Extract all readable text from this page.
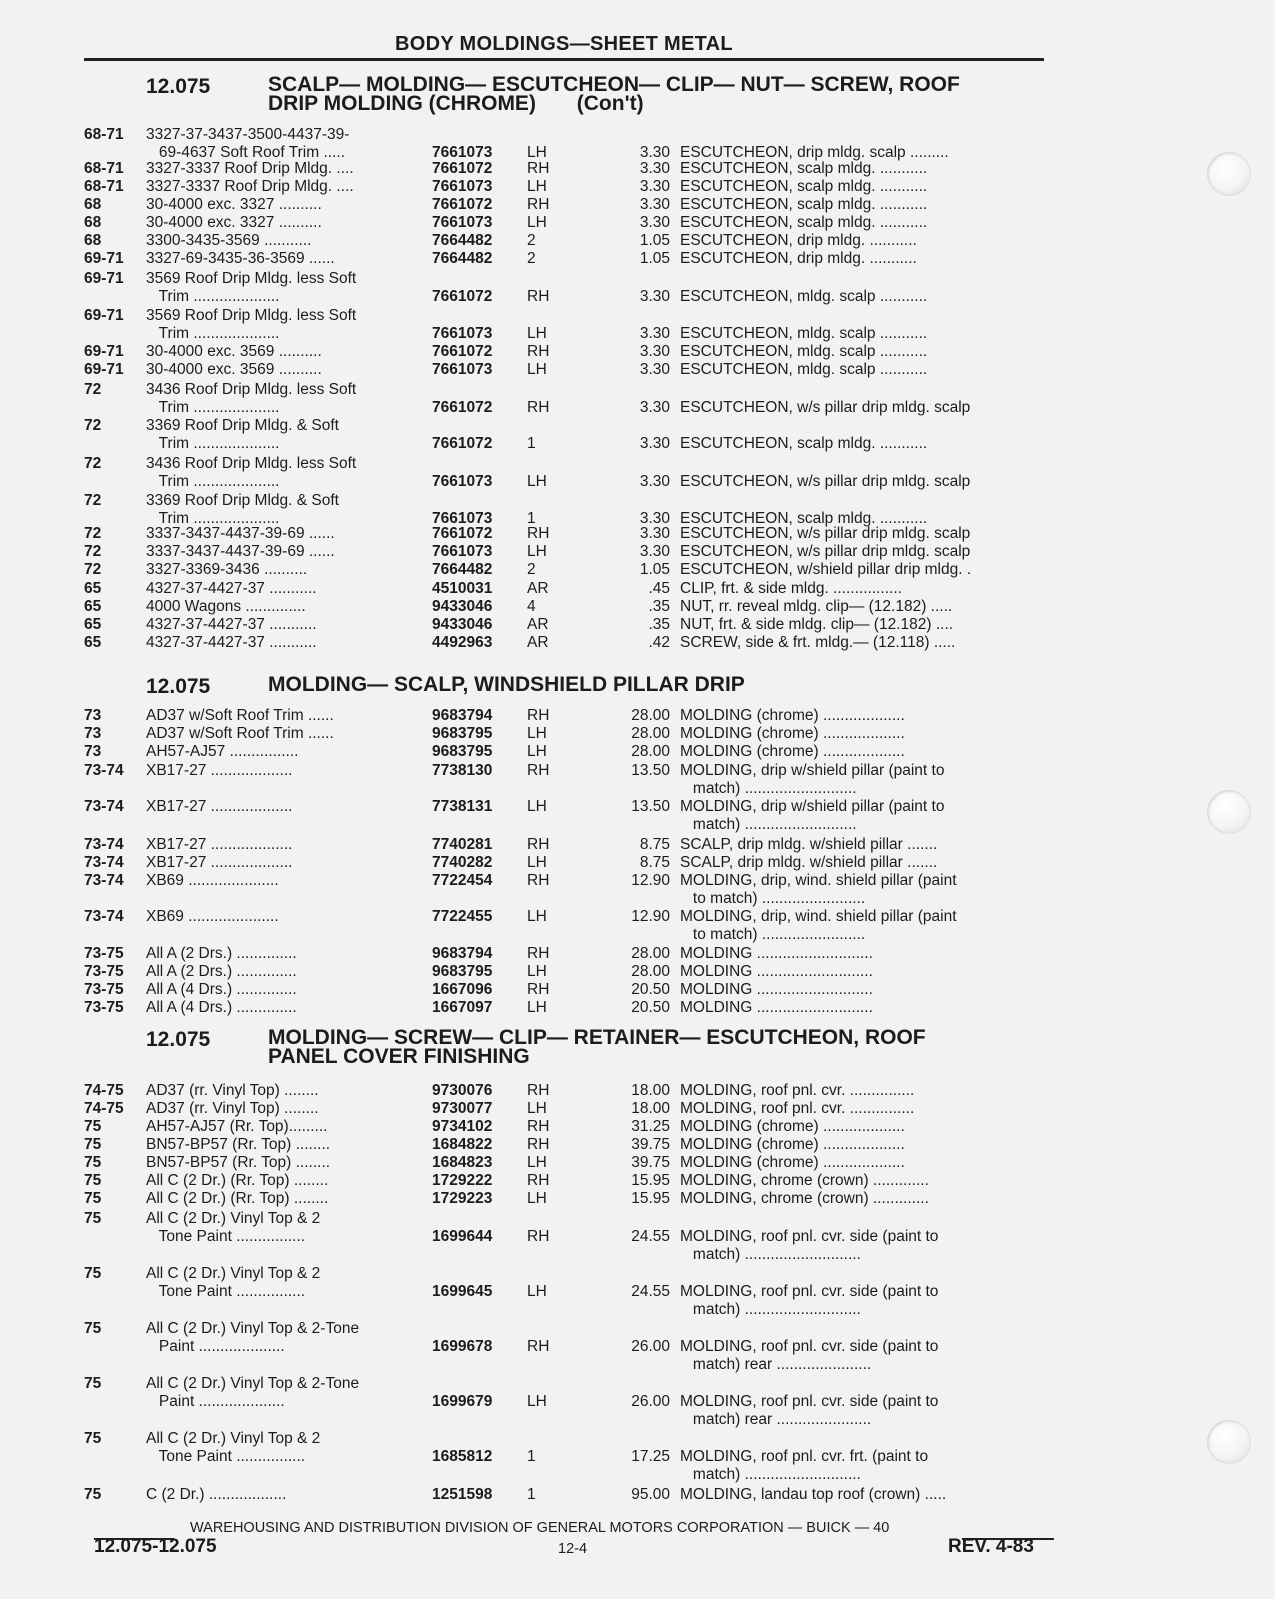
BODY MOLDINGS—SHEET METAL
12.075	SCALP— MOLDING— ESCUTCHEON— CLIP— NUT— SCREW, ROOF
DRIP MOLDING (CHROME)       (Con't)
68-71 3327-37-3437-3500-4437-39-
69-4637 Soft Roof Trim .....	7661073 LH	3.30 ESCUTCHEON, drip mldg. scalp .........
68-71 3327-3337 Roof Drip Mldg. ....	7661072 RH	3.30 ESCUTCHEON, scalp mldg. ...........
68-71 3327-3337 Roof Drip Mldg. ....	7661073 LH	3.30 ESCUTCHEON, scalp mldg. ...........
68	30-4000 exc. 3327 ..........	7661072 RH	3.30 ESCUTCHEON, scalp mldg. ...........
68	30-4000 exc. 3327 ..........	7661073 LH	3.30 ESCUTCHEON, scalp mldg. ...........
68	3300-3435-3569 ...........	7664482 2	1.05 ESCUTCHEON, drip mldg. ...........
69-71 3327-69-3435-36-3569 ......	7664482 2	1.05 ESCUTCHEON, drip mldg. ...........
69-71 3569 Roof Drip Mldg. less Soft
Trim ....................	7661072 RH	3.30 ESCUTCHEON, mldg. scalp ...........
69-71 3569 Roof Drip Mldg. less Soft
Trim ....................	7661073 LH	3.30 ESCUTCHEON, mldg. scalp ...........
69-71 30-4000 exc. 3569 ..........	7661072 RH	3.30 ESCUTCHEON, mldg. scalp ...........
69-71 30-4000 exc. 3569 ..........	7661073 LH	3.30 ESCUTCHEON, mldg. scalp ...........
72	3436 Roof Drip Mldg. less Soft
Trim ....................	7661072 RH	3.30 ESCUTCHEON, w/s pillar drip mldg. scalp
72	3369 Roof Drip Mldg. & Soft
Trim ....................	7661072 1	3.30 ESCUTCHEON, scalp mldg. ...........
72	3436 Roof Drip Mldg. less Soft
Trim ....................	7661073 LH	3.30 ESCUTCHEON, w/s pillar drip mldg. scalp
72	3369 Roof Drip Mldg. & Soft
Trim ....................	7661073 1	3.30 ESCUTCHEON, scalp mldg. ...........
72	3337-3437-4437-39-69 ......	7661072 RH	3.30 ESCUTCHEON, w/s pillar drip mldg. scalp
72	3337-3437-4437-39-69 ......	7661073 LH	3.30 ESCUTCHEON, w/s pillar drip mldg. scalp
72	3327-3369-3436 ..........	7664482 2	1.05 ESCUTCHEON, w/shield pillar drip mldg. .
65	4327-37-4427-37 ...........	4510031 AR	.45 CLIP, frt. & side mldg. ................
65	4000 Wagons ..............	9433046 4	.35 NUT, rr. reveal mldg. clip— (12.182) .....
65	4327-37-4427-37 ...........	9433046 AR	.35 NUT, frt. & side mldg. clip— (12.182) ....
65	4327-37-4427-37 ...........	4492963 AR	.42 SCREW, side & frt. mldg.— (12.118) .....
12.075	MOLDING— SCALP, WINDSHIELD PILLAR DRIP
73	AD37 w/Soft Roof Trim ......	9683794 RH	28.00 MOLDING (chrome) ...................
73	AD37 w/Soft Roof Trim ......	9683795 LH	28.00 MOLDING (chrome) ...................
73	AH57-AJ57 ................	9683795 LH	28.00 MOLDING (chrome) ...................
73-74 XB17-27 ...................	7738130 RH	13.50 MOLDING, drip w/shield pillar (paint to
match) ..........................
73-74 XB17-27 ...................	7738131 LH	13.50 MOLDING, drip w/shield pillar (paint to
match) ..........................
73-74 XB17-27 ...................	7740281 RH	8.75 SCALP, drip mldg. w/shield pillar .......
73-74 XB17-27 ...................	7740282 LH	8.75 SCALP, drip mldg. w/shield pillar .......
73-74 XB69 .....................	7722454 RH	12.90 MOLDING, drip, wind. shield pillar (paint
to match) ........................
73-74 XB69 .....................	7722455 LH	12.90 MOLDING, drip, wind. shield pillar (paint
to match) ........................
73-75 All A (2 Drs.) ..............	9683794 RH	28.00 MOLDING ...........................
73-75 All A (2 Drs.) ..............	9683795 LH	28.00 MOLDING ...........................
73-75 All A (4 Drs.) ..............	1667096 RH	20.50 MOLDING ...........................
73-75 All A (4 Drs.) ..............	1667097 LH	20.50 MOLDING ...........................
12.075	MOLDING— SCREW— CLIP— RETAINER— ESCUTCHEON, ROOF
PANEL COVER FINISHING
74-75 AD37 (rr. Vinyl Top) ........	9730076 RH	18.00 MOLDING, roof pnl. cvr. ...............
74-75 AD37 (rr. Vinyl Top) ........	9730077 LH	18.00 MOLDING, roof pnl. cvr. ...............
75	AH57-AJ57 (Rr. Top).........	9734102 RH	31.25 MOLDING (chrome) ...................
75	BN57-BP57 (Rr. Top) ........	1684822 RH	39.75 MOLDING (chrome) ...................
75	BN57-BP57 (Rr. Top) ........	1684823 LH	39.75 MOLDING (chrome) ...................
75	All C (2 Dr.) (Rr. Top) ........	1729222 RH	15.95 MOLDING, chrome (crown) .............
75	All C (2 Dr.) (Rr. Top) ........	1729223 LH	15.95 MOLDING, chrome (crown) .............
75	All C (2 Dr.) Vinyl Top & 2
Tone Paint ................	1699644 RH	24.55 MOLDING, roof pnl. cvr. side (paint to
match) ...........................
75	All C (2 Dr.) Vinyl Top & 2
Tone Paint ................	1699645 LH	24.55 MOLDING, roof pnl. cvr. side (paint to
match) ...........................
75	All C (2 Dr.) Vinyl Top & 2-Tone
Paint ....................	1699678 RH	26.00 MOLDING, roof pnl. cvr. side (paint to
match) rear ......................
75	All C (2 Dr.) Vinyl Top & 2-Tone
Paint ....................	1699679 LH	26.00 MOLDING, roof pnl. cvr. side (paint to
match) rear ......................
75	All C (2 Dr.) Vinyl Top & 2
Tone Paint ................	1685812 1	17.25 MOLDING, roof pnl. cvr. frt. (paint to
match) ...........................
75	C (2 Dr.) ..................	1251598 1	95.00 MOLDING, landau top roof (crown) .....
WAREHOUSING AND DISTRIBUTION DIVISION OF GENERAL MOTORS CORPORATION — BUICK — 40
12.075-12.075	12-4	REV. 4-83
